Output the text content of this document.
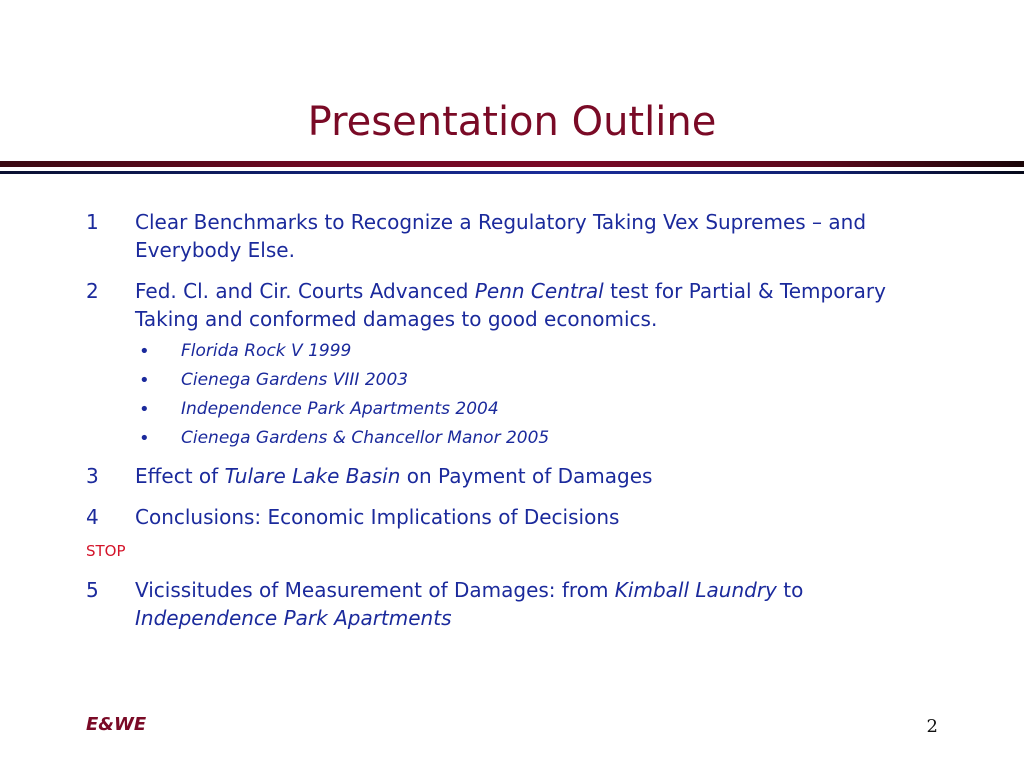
Presentation Outline
1 Clear Benchmarks to Recognize a Regulatory Taking Vex Supremes – and Everybody Else.
2 Fed. Cl. and Cir. Courts Advanced Penn Central test for Partial & Temporary Taking and conformed damages to good economics.
• Florida Rock V 1999
• Cienega Gardens VIII 2003
• Independence Park Apartments 2004
• Cienega Gardens & Chancellor Manor 2005
3 Effect of Tulare Lake Basin on Payment of Damages
4 Conclusions: Economic Implications of Decisions
STOP
5 Vicissitudes of Measurement of Damages: from Kimball Laundry to Independence Park Apartments
E&WE	2
